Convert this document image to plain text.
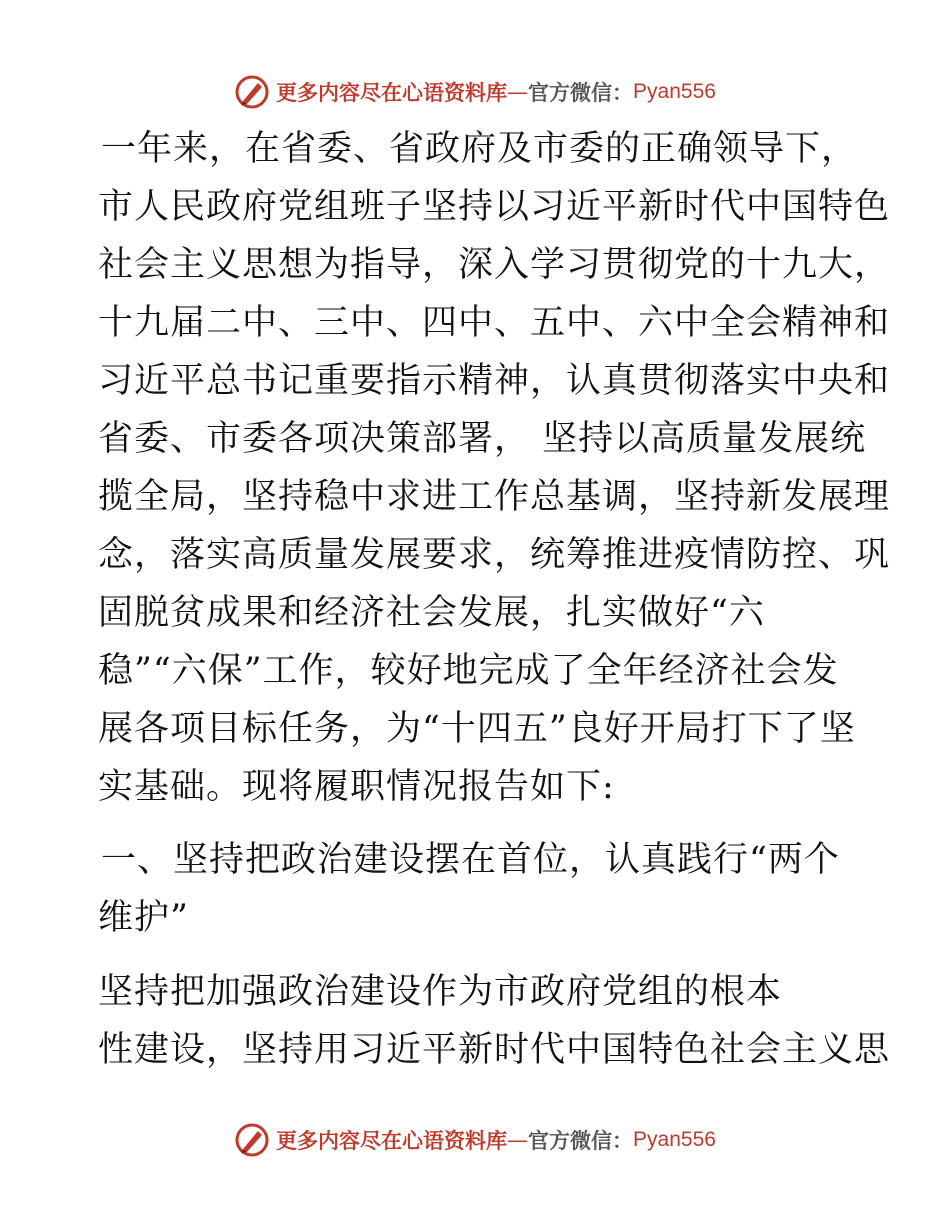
更多内容尽在心语资料库 — 官方微信 ： Pyan556
一年来，在省委、省政府及市委的正确领导下，
市人民政府党组班子坚持以习近平新时代中国特色
社会主义思想为指导，深入学习贯彻党的十九大，
十九届二中、三中、四中、五中、六中全会精神和
习近平总书记重要指示精神，认真贯彻落实中央和
省委、市委各项决策部署， 坚持以高质量发展统
揽全局，坚持稳中求进工作总基调，坚持新发展理
念，落实高质量发展要求，统筹推进疫情防控、巩
固脱贫成果和经济社会发展，扎实做好“六
稳”“六保”工作，较好地完成了全年经济社会发
展各项目标任务，为“十四五”良好开局打下了坚
实基础。现将履职情况报告如下:
一、坚持把政治建设摆在首位，认真践行“两个
维护”
坚持把加强政治建设作为市政府党组的根本
性建设，坚持用习近平新时代中国特色社会主义思
更多内容尽在心语资料库 — 官方微信 ： Pyan556
